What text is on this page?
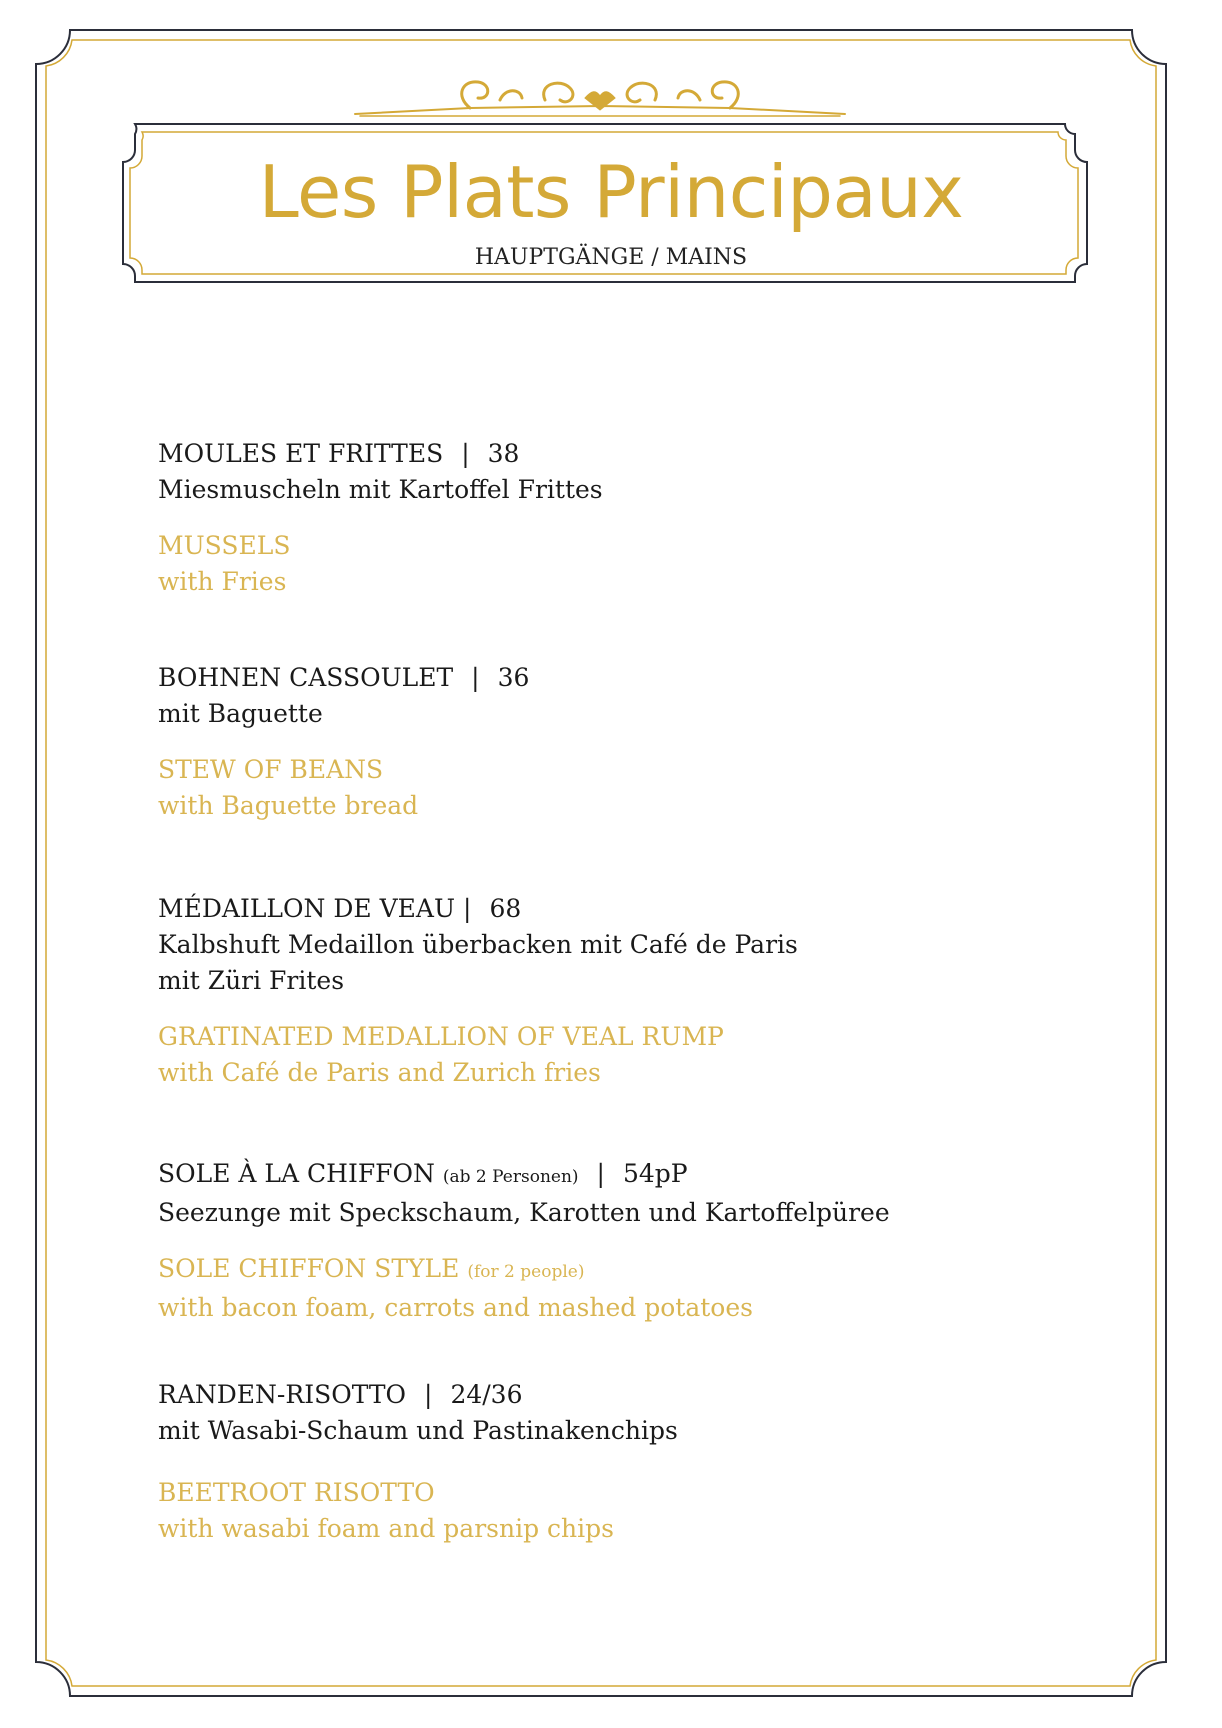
Les Plats Principaux
HAUPTGÄNGE / MAINS
MOULES ET FRITTES | 38
Miesmuscheln mit Kartoffel Frittes
MUSSELS
with Fries
BOHNEN CASSOULET | 36
mit Baguette
STEW OF BEANS
with Baguette bread
MÉDAILLON DE VEAU | 68
Kalbshuft Medaillon überbacken mit Café de Paris
mit Züri Frites
GRATINATED MEDALLION OF VEAL RUMP
with Café de Paris and Zurich fries
SOLE À LA CHIFFON (ab 2 Personen) | 54pP
Seezunge mit Speckschaum, Karotten und Kartoffelpüree
SOLE CHIFFON STYLE (for 2 people)
with bacon foam, carrots and mashed potatoes
RANDEN-RISOTTO | 24/36
mit Wasabi-Schaum und Pastinakenchips
BEETROOT RISOTTO
with wasabi foam and parsnip chips
